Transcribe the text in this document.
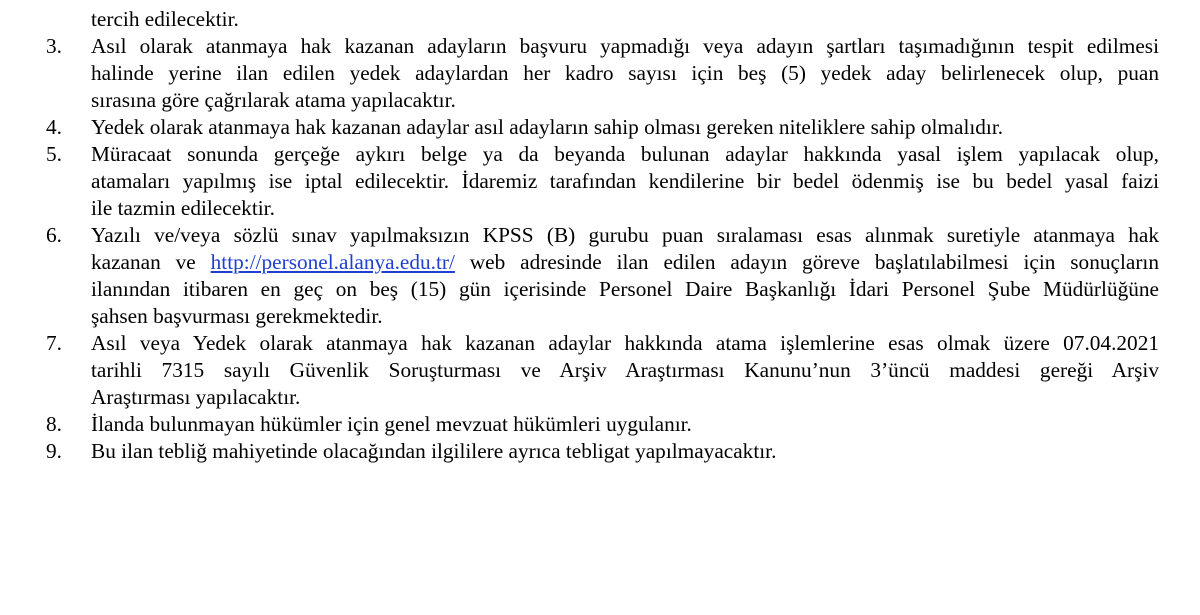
tercih edilecektir.
3.	Asıl olarak atanmaya hak kazanan adayların başvuru yapmadığı veya adayın şartları taşımadığının tespit edilmesi
halinde yerine ilan edilen yedek adaylardan her kadro sayısı için beş (5) yedek aday belirlenecek olup, puan
sırasına göre çağrılarak atama yapılacaktır.
4.	Yedek olarak atanmaya hak kazanan adaylar asıl adayların sahip olması gereken niteliklere sahip olmalıdır.
5.	Müracaat sonunda gerçeğe aykırı belge ya da beyanda bulunan adaylar hakkında yasal işlem yapılacak olup,
atamaları yapılmış ise iptal edilecektir. İdaremiz tarafından kendilerine bir bedel ödenmiş ise bu bedel yasal faizi
ile tazmin edilecektir.
6.	Yazılı ve/veya sözlü sınav yapılmaksızın KPSS (B) gurubu puan sıralaması esas alınmak suretiyle atanmaya hak
kazanan ve http://personel.alanya.edu.tr/ web adresinde ilan edilen adayın göreve başlatılabilmesi için sonuçların
ilanından itibaren en geç on beş (15) gün içerisinde Personel Daire Başkanlığı İdari Personel Şube Müdürlüğüne
şahsen başvurması gerekmektedir.
7.	Asıl veya Yedek olarak atanmaya hak kazanan adaylar hakkında atama işlemlerine esas olmak üzere 07.04.2021
tarihli 7315 sayılı Güvenlik Soruşturması ve Arşiv Araştırması Kanunu’nun 3’üncü maddesi gereği Arşiv
Araştırması yapılacaktır.
8.	İlanda bulunmayan hükümler için genel mevzuat hükümleri uygulanır.
9.	Bu ilan tebliğ mahiyetinde olacağından ilgililere ayrıca tebligat yapılmayacaktır.
